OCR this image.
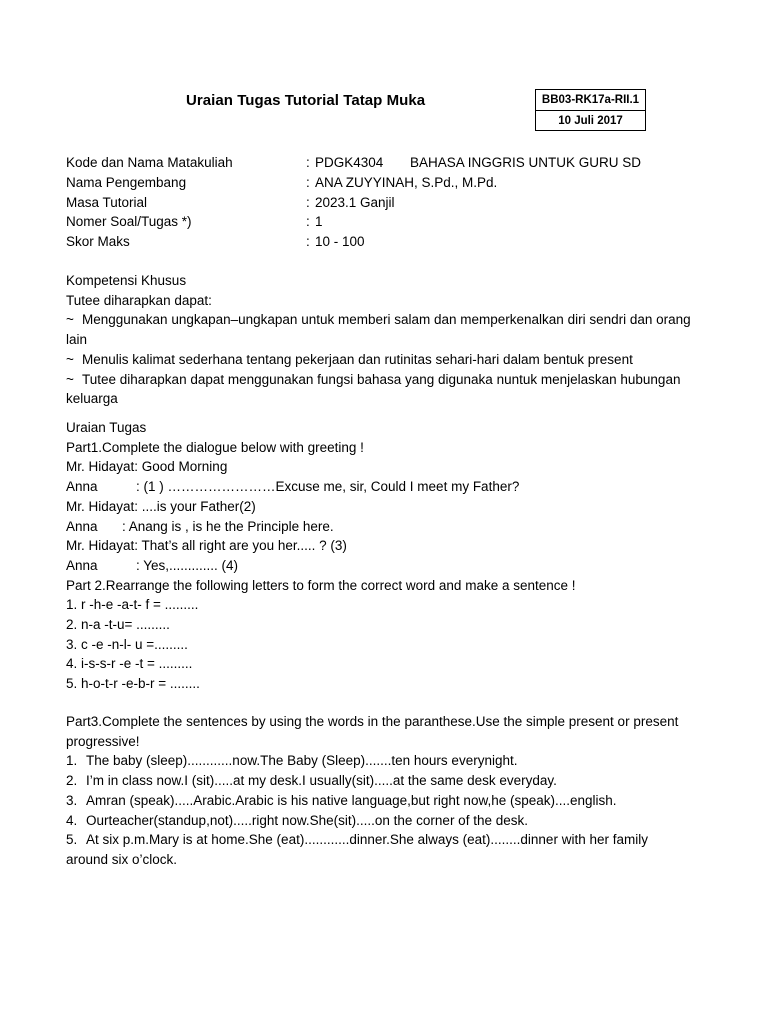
Uraian Tugas Tutorial Tatap Muka	BB03-RK17a-RII.1
10 Juli 2017
Kode dan Nama Matakuliah	: PDGK4304 BAHASA INGGRIS UNTUK GURU SD
Nama Pengembang	: ANA ZUYYINAH, S.Pd., M.Pd.
Masa Tutorial	: 2023.1 Ganjil
Nomer Soal/Tugas *)	: 1
Skor Maks	: 10 - 100
Kompetensi Khusus
Tutee diharapkan dapat:
~ Menggunakan ungkapan–ungkapan untuk memberi salam dan memperkenalkan diri sendri dan orang
lain
~ Menulis kalimat sederhana tentang pekerjaan dan rutinitas sehari-hari dalam bentuk present
~ Tutee diharapkan dapat menggunakan fungsi bahasa yang digunaka nuntuk menjelaskan hubungan
keluarga
Uraian Tugas
Part1.Complete the dialogue below with greeting !
Mr. Hidayat: Good Morning
Anna	: (1 ) ……………………Excuse me, sir, Could I meet my Father?
Mr. Hidayat: ....is your Father(2)
Anna : Anang is , is he the Principle here.
Mr. Hidayat: That’s all right are you her..... ? (3)
Anna	: Yes,............. (4)
Part 2.Rearrange the following letters to form the correct word and make a sentence !
1. r -h-e -a-t- f = .........
2. n-a -t-u= .........
3. c -e -n-l- u =.........
4. i-s-s-r -e -t = .........
5. h-o-t-r -e-b-r = ........
Part3.Complete the sentences by using the words in the paranthese.Use the simple present or present
progressive!
1. The baby (sleep)............now.The Baby (Sleep).......ten hours everynight.
2. I’m in class now.I (sit).....at my desk.I usually(sit).....at the same desk everyday.
3. Amran (speak).....Arabic.Arabic is his native language,but right now,he (speak)....english.
4. Ourteacher(standup,not).....right now.She(sit).....on the corner of the desk.
5. At six p.m.Mary is at home.She (eat)............dinner.She always (eat)........dinner with her family
around six o’clock.
